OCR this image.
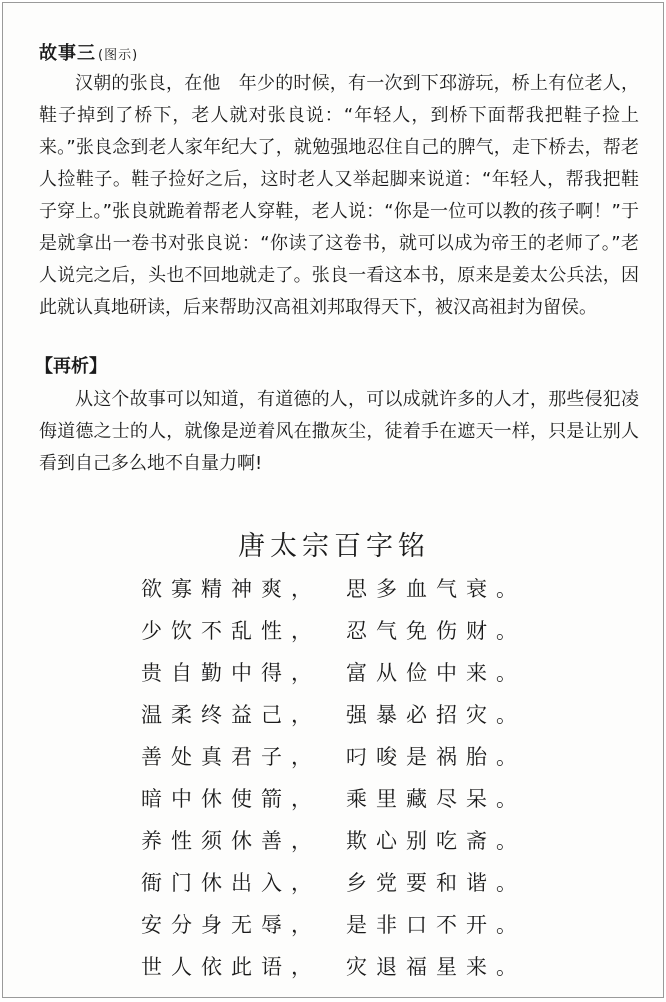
故事三 (图示)

汉朝的张良，在他　年少的时候，有一次到下邳游玩，桥上有位老人，鞋子掉到了桥下，老人就对张良说：“年轻人，到桥下面帮我把鞋子捡上来。”张良念到老人家年纪大了，就勉强地忍住自己的脾气，走下桥去，帮老人捡鞋子。鞋子捡好之后，这时老人又举起脚来说道：“年轻人，帮我把鞋子穿上。”张良就跪着帮老人穿鞋，老人说：“你是一位可以教的孩子啊！”于是就拿出一卷书对张良说：“你读了这卷书，就可以成为帝王的老师了。”老人说完之后，头也不回地就走了。张良一看这本书，原来是姜太公兵法，因此就认真地研读，后来帮助汉高祖刘邦取得天下，被汉高祖封为留侯。

【再析】

从这个故事可以知道，有道德的人，可以成就许多的人才，那些侵犯凌侮道德之士的人，就像是逆着风在撒灰尘，徒着手在遮天一样，只是让别人看到自己多么地不自量力啊!

唐太宗百字铭
欲寡精神爽， 思多血气衰。
少饮不乱性， 忍气免伤财。
贵自勤中得， 富从俭中来。
温柔终益己， 强暴必招灾。
善处真君子， 叼唆是祸胎。
暗中休使箭， 乘里藏尽呆。
养性须休善， 欺心别吃斋。
衙门休出入， 乡党要和谐。
安分身无辱， 是非口不开。
世人依此语， 灾退福星来。
